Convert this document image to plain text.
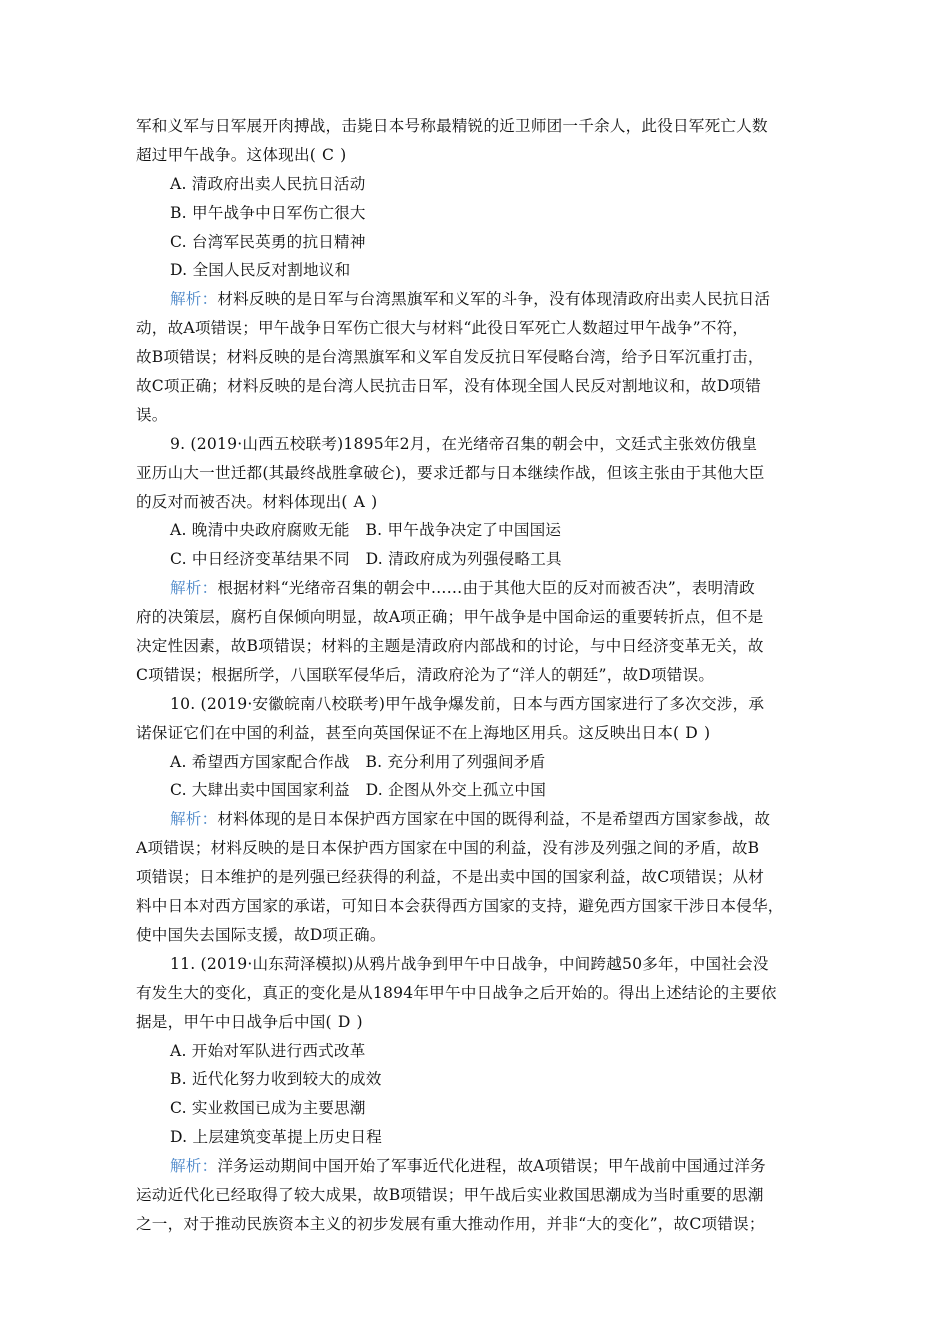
军和义军与日军展开肉搏战，击毙日本号称最精锐的近卫师团一千余人，此役日军死亡人数
超过甲午战争。这体现出( C )
A. 清政府出卖人民抗日活动
B. 甲午战争中日军伤亡很大
C. 台湾军民英勇的抗日精神
D. 全国人民反对割地议和
解析：材料反映的是日军与台湾黑旗军和义军的斗争，没有体现清政府出卖人民抗日活
动，故A项错误；甲午战争日军伤亡很大与材料“此役日军死亡人数超过甲午战争”不符，
故B项错误；材料反映的是台湾黑旗军和义军自发反抗日军侵略台湾，给予日军沉重打击，
故C项正确；材料反映的是台湾人民抗击日军，没有体现全国人民反对割地议和，故D项错
误。
9. (2019·山西五校联考)1895年2月，在光绪帝召集的朝会中，文廷式主张效仿俄皇
亚历山大一世迁都(其最终战胜拿破仑)，要求迁都与日本继续作战，但该主张由于其他大臣
的反对而被否决。材料体现出( A )
A. 晚清中央政府腐败无能　B. 甲午战争决定了中国国运
C. 中日经济变革结果不同　D. 清政府成为列强侵略工具
解析：根据材料“光绪帝召集的朝会中……由于其他大臣的反对而被否决”，表明清政
府的决策层，腐朽自保倾向明显，故A项正确；甲午战争是中国命运的重要转折点，但不是
决定性因素，故B项错误；材料的主题是清政府内部战和的讨论，与中日经济变革无关，故
C项错误；根据所学，八国联军侵华后，清政府沦为了“洋人的朝廷”，故D项错误。
10. (2019·安徽皖南八校联考)甲午战争爆发前，日本与西方国家进行了多次交涉，承
诺保证它们在中国的利益，甚至向英国保证不在上海地区用兵。这反映出日本( D )
A. 希望西方国家配合作战　B. 充分利用了列强间矛盾
C. 大肆出卖中国国家利益　D. 企图从外交上孤立中国
解析：材料体现的是日本保护西方国家在中国的既得利益，不是希望西方国家参战，故
A项错误；材料反映的是日本保护西方国家在中国的利益，没有涉及列强之间的矛盾，故B
项错误；日本维护的是列强已经获得的利益，不是出卖中国的国家利益，故C项错误；从材
料中日本对西方国家的承诺，可知日本会获得西方国家的支持，避免西方国家干涉日本侵华，
使中国失去国际支援，故D项正确。
11. (2019·山东菏泽模拟)从鸦片战争到甲午中日战争，中间跨越50多年，中国社会没
有发生大的变化，真正的变化是从1894年甲午中日战争之后开始的。得出上述结论的主要依
据是，甲午中日战争后中国( D )
A. 开始对军队进行西式改革
B. 近代化努力收到较大的成效
C. 实业救国已成为主要思潮
D. 上层建筑变革提上历史日程
解析：洋务运动期间中国开始了军事近代化进程，故A项错误；甲午战前中国通过洋务
运动近代化已经取得了较大成果，故B项错误；甲午战后实业救国思潮成为当时重要的思潮
之一，对于推动民族资本主义的初步发展有重大推动作用，并非“大的变化”，故C项错误；
